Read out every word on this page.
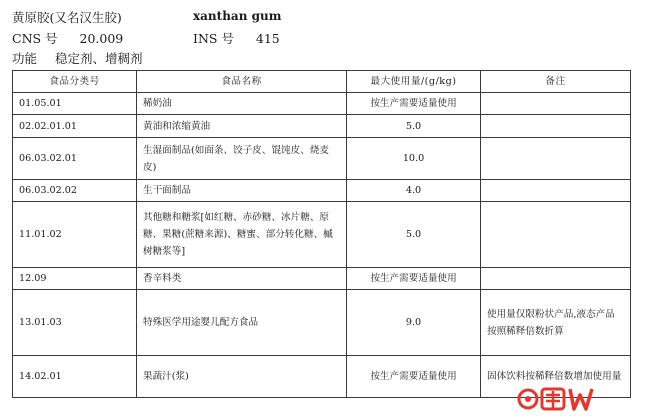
黄原胶(又名汉生胶)	xanthan gum
CNS 号 20.009	INS 号 415
功能 稳定剂、增稠剂
食品分类号	食品名称	最大使用量/(g/kg)	备注
01.05.01	稀奶油	按生产需要适量使用	
02.02.01.01	黄油和浓缩黄油	5.0	
06.03.02.01	生湿面制品(如面条、饺子皮、馄饨皮、烧麦皮)	10.0	
06.03.02.02	生干面制品	4.0	
11.01.02	其他糖和糖浆[如红糖、赤砂糖、冰片糖、原糖、果糖(蔗糖来源)、糖蜜、部分转化糖、槭树糖浆等]	5.0	
12.09	香辛料类	按生产需要适量使用	
13.01.03	特殊医学用途婴儿配方食品	9.0	使用量仅限粉状产品,液态产品按照稀释倍数折算
14.02.01	果蔬汁(浆)	按生产需要适量使用	固体饮料按稀释倍数增加使用量
